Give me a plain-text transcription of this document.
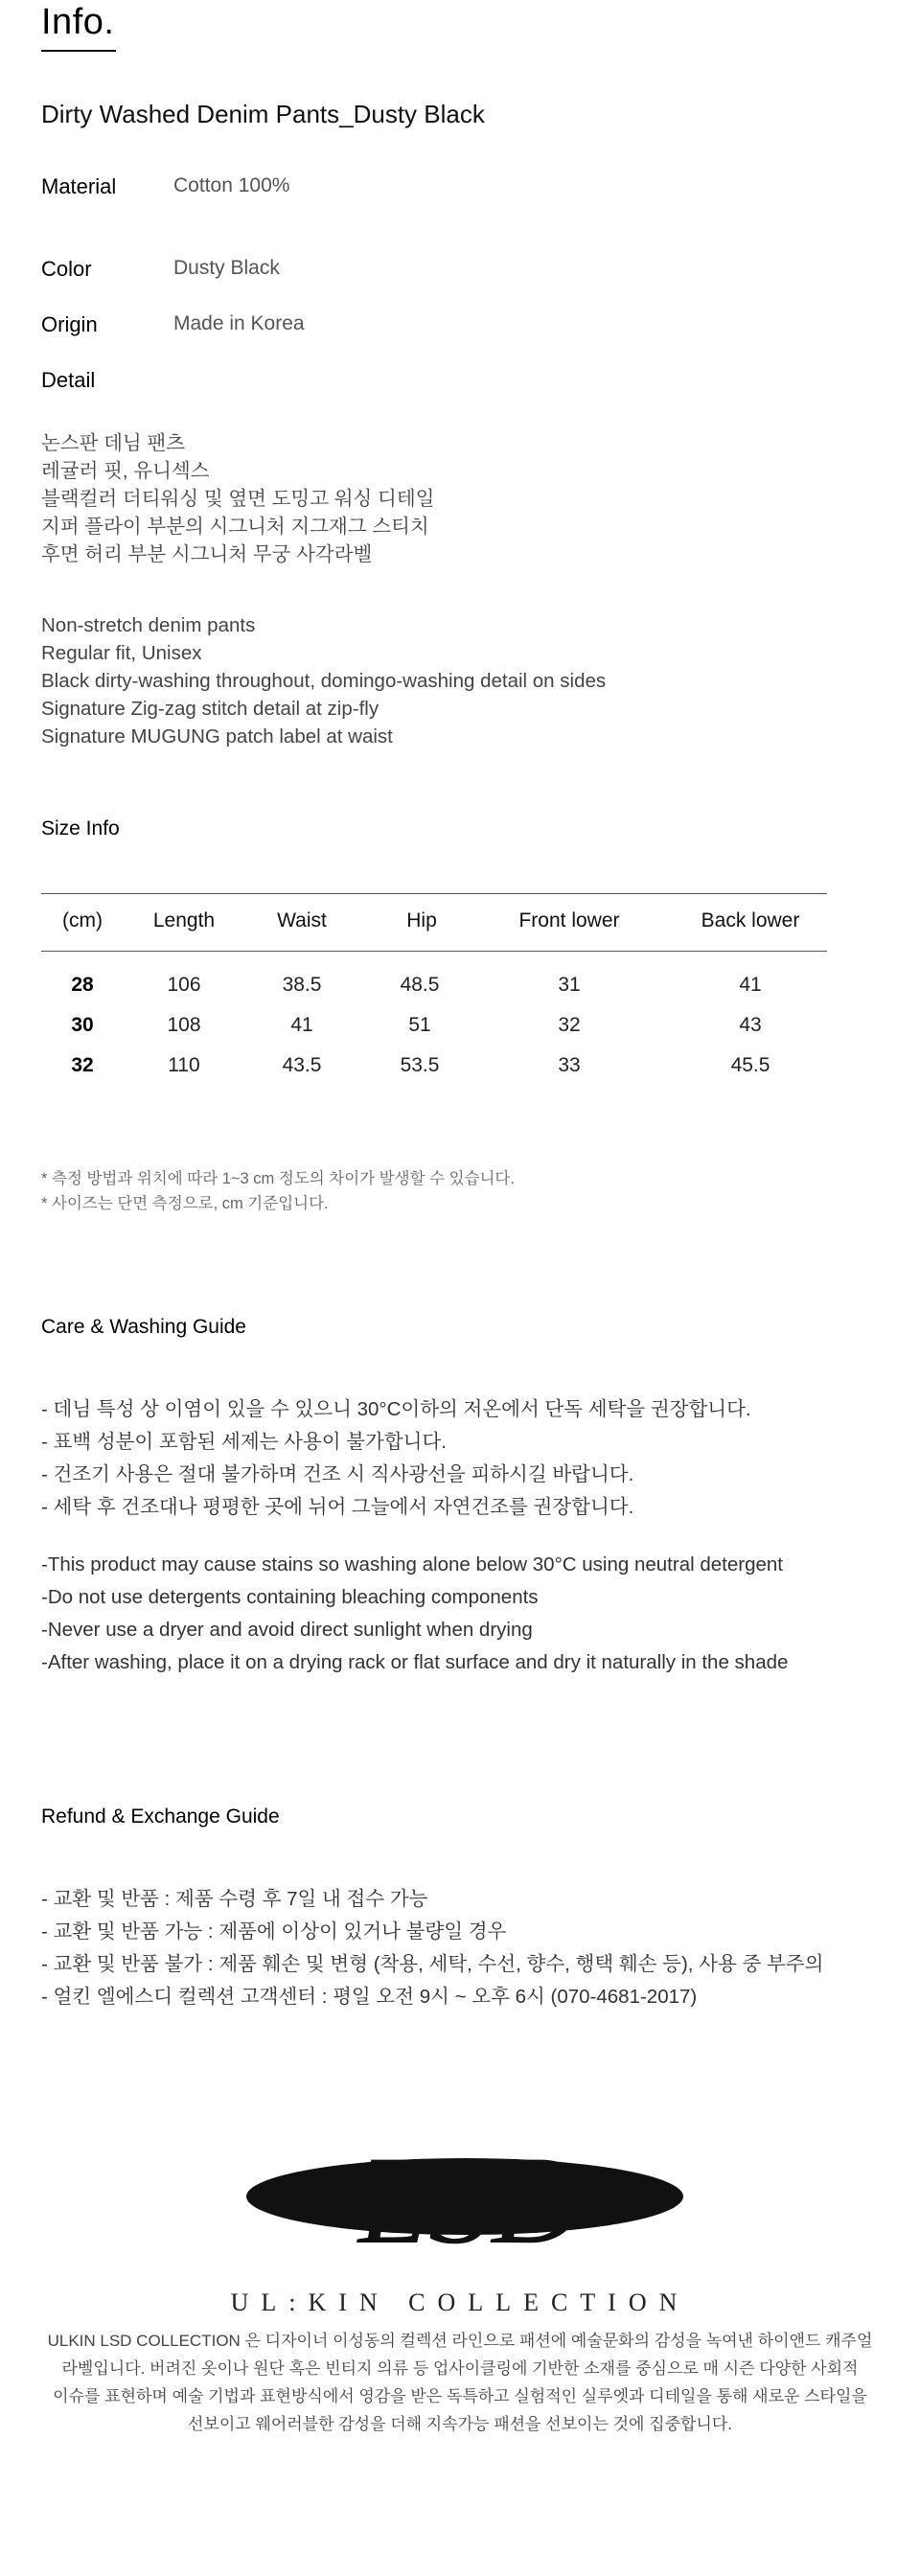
Info.
Dirty Washed Denim Pants_Dusty Black
Material	Cotton 100%
Color	Dusty Black
Origin	Made in Korea
Detail
논스판 데님 팬츠
레귤러 핏, 유니섹스
블랙컬러 더티워싱 및 옆면 도밍고 워싱 디테일
지퍼 플라이 부분의 시그니처 지그재그 스티치
후면 허리 부분 시그니처 무궁 사각라벨
Non-stretch denim pants
Regular fit, Unisex
Black dirty-washing throughout, domingo-washing detail on sides
Signature Zig-zag stitch detail at zip-fly
Signature MUGUNG patch label at waist
Size Info
(cm)	Length	Waist	Hip	Front lower	Back lower
28	106	38.5	48.5	31	41
30	108	41	51	32	43
32	110	43.5	53.5	33	45.5
* 측정 방법과 위치에 따라 1~3 cm 정도의 차이가 발생할 수 있습니다.
* 사이즈는 단면 측정으로, cm 기준입니다.
Care & Washing Guide
- 데님 특성 상 이염이 있을 수 있으니 30°C이하의 저온에서 단독 세탁을 권장합니다.
- 표백 성분이 포함된 세제는 사용이 불가합니다.
- 건조기 사용은 절대 불가하며 건조 시 직사광선을 피하시길 바랍니다.
- 세탁 후 건조대나 평평한 곳에 뉘어 그늘에서 자연건조를 권장합니다.
-This product may cause stains so washing alone below 30°C using neutral detergent
-Do not use detergents containing bleaching components
-Never use a dryer and avoid direct sunlight when drying
-After washing, place it on a drying rack or flat surface and dry it naturally in the shade
Refund & Exchange Guide
- 교환 및 반품 : 제품 수령 후 7일 내 접수 가능
- 교환 및 반품 가능 : 제품에 이상이 있거나 불량일 경우
- 교환 및 반품 불가 : 제품 훼손 및 변형 (착용, 세탁, 수선, 향수, 행택 훼손 등), 사용 중 부주의
- 얼킨 엘에스디 컬렉션 고객센터 : 평일 오전 9시 ~ 오후 6시 (070-4681-2017)
LSD
UL:KIN COLLECTION
ULKIN LSD COLLECTION 은 디자이너 이성동의 컬렉션 라인으로 패션에 예술문화의 감성을 녹여낸 하이앤드 캐주얼
라벨입니다. 버려진 옷이나 원단 혹은 빈티지 의류 등 업사이클링에 기반한 소재를 중심으로 매 시즌 다양한 사회적
이슈를 표현하며 예술 기법과 표현방식에서 영감을 받은 독특하고 실험적인 실루엣과 디테일을 통해 새로운 스타일을
선보이고 웨어러블한 감성을 더해 지속가능 패션을 선보이는 것에 집중합니다.
